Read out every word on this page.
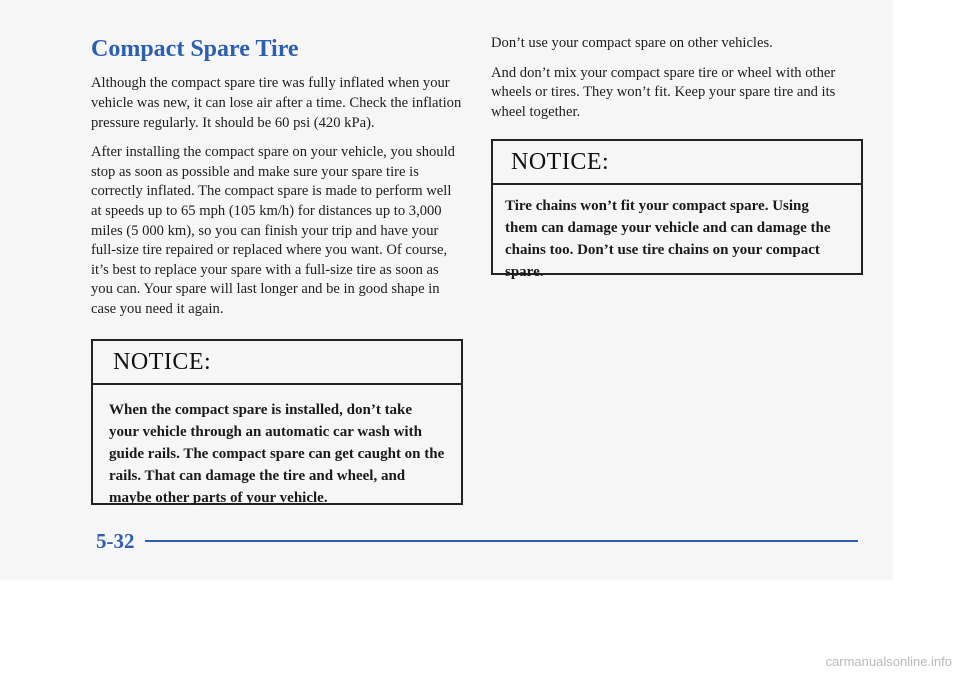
Compact Spare Tire

Although the compact spare tire was fully inflated when your vehicle was new, it can lose air after a time. Check the inflation pressure regularly. It should be 60 psi (420 kPa).

After installing the compact spare on your vehicle, you should stop as soon as possible and make sure your spare tire is correctly inflated. The compact spare is made to perform well at speeds up to 65 mph (105 km/h) for distances up to 3,000 miles (5 000 km), so you can finish your trip and have your full-size tire repaired or replaced where you want. Of course, it’s best to replace your spare with a full-size tire as soon as you can. Your spare will last longer and be in good shape in case you need it again.

NOTICE:
When the compact spare is installed, don’t take your vehicle through an automatic car wash with guide rails. The compact spare can get caught on the rails. That can damage the tire and wheel, and maybe other parts of your vehicle.

Don’t use your compact spare on other vehicles.

And don’t mix your compact spare tire or wheel with other wheels or tires. They won’t fit. Keep your spare tire and its wheel together.

NOTICE:
Tire chains won’t fit your compact spare. Using them can damage your vehicle and can damage the chains too. Don’t use tire chains on your compact spare.
5-32
carmanualsonline.info
